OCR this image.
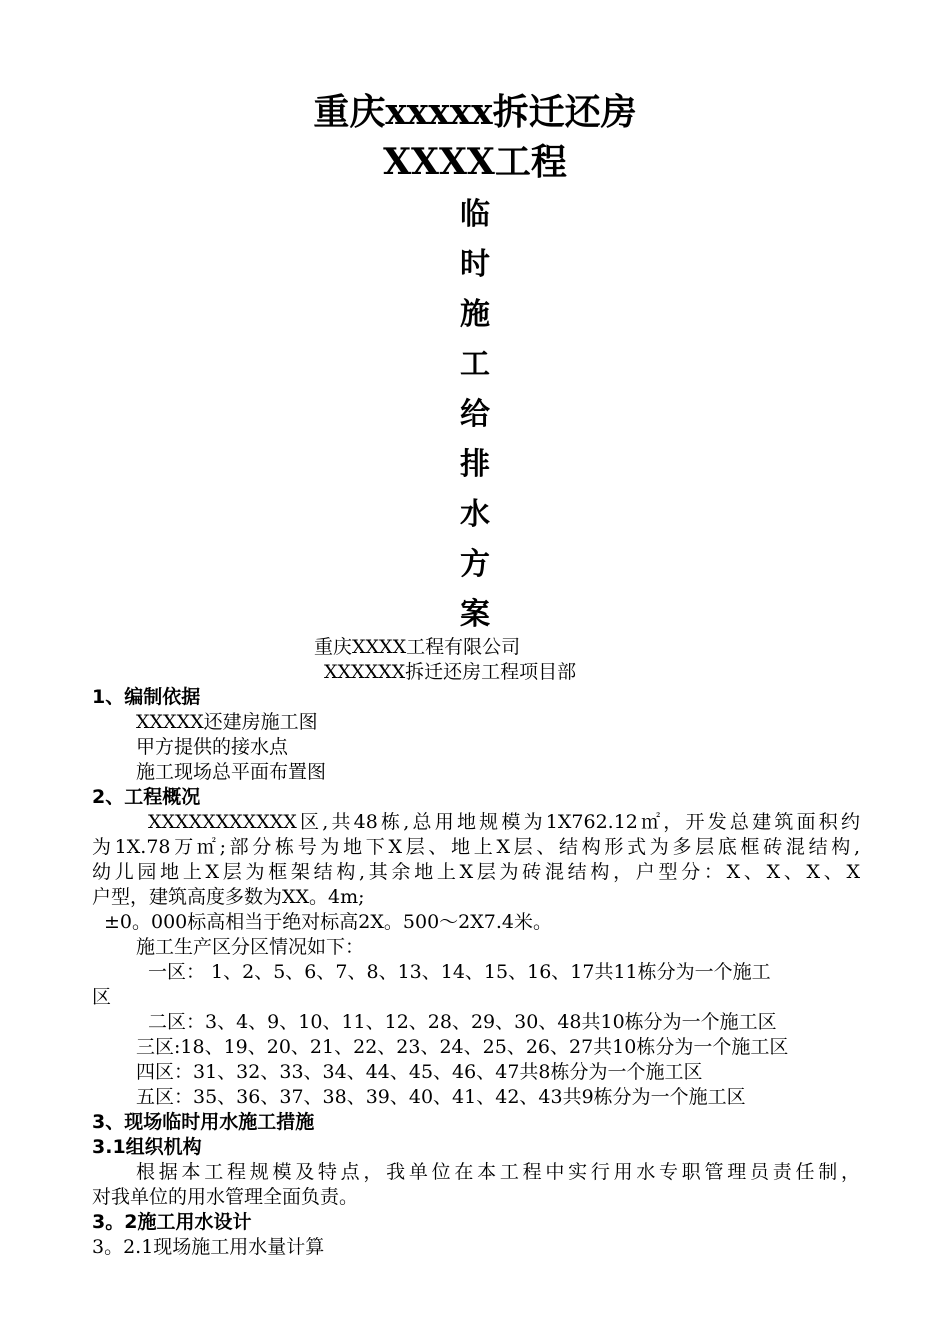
重庆xxxxx拆迁还房
XXXX工程
临
时
施
工
给
排
水
方
案
重庆XXXX工程有限公司
XXXXXX拆迁还房工程项目部
1、编制依据
XXXXX还建房施工图
甲方提供的接水点
施工现场总平面布置图
2、工程概况
XXXXXXXXXXX区,共48栋,总用地规模为1X762.12㎡，开发总建筑面积约
为1X.78万㎡;部分栋号为地下X层、地上X层、结构形式为多层底框砖混结构,
幼儿园地上X层为框架结构,其余地上X层为砖混结构，户型分：X、X、X、X
户型，建筑高度多数为XX。4m;
±0。000标高相当于绝对标高2X。500～2X7.4米。
施工生产区分区情况如下：
一区： 1、2、5、6、7、8、13、14、15、16、17共11栋分为一个施工
区
二区：3、4、9、10、11、12、28、29、30、48共10栋分为一个施工区
三区:18、19、20、21、22、23、24、25、26、27共10栋分为一个施工区
四区：31、32、33、34、44、45、46、47共8栋分为一个施工区
五区：35、36、37、38、39、40、41、42、43共9栋分为一个施工区
3、现场临时用水施工措施
3.1组织机构
根据本工程规模及特点，我单位在本工程中实行用水专职管理员责任制，
对我单位的用水管理全面负责。
3。2施工用水设计
3。2.1现场施工用水量计算
